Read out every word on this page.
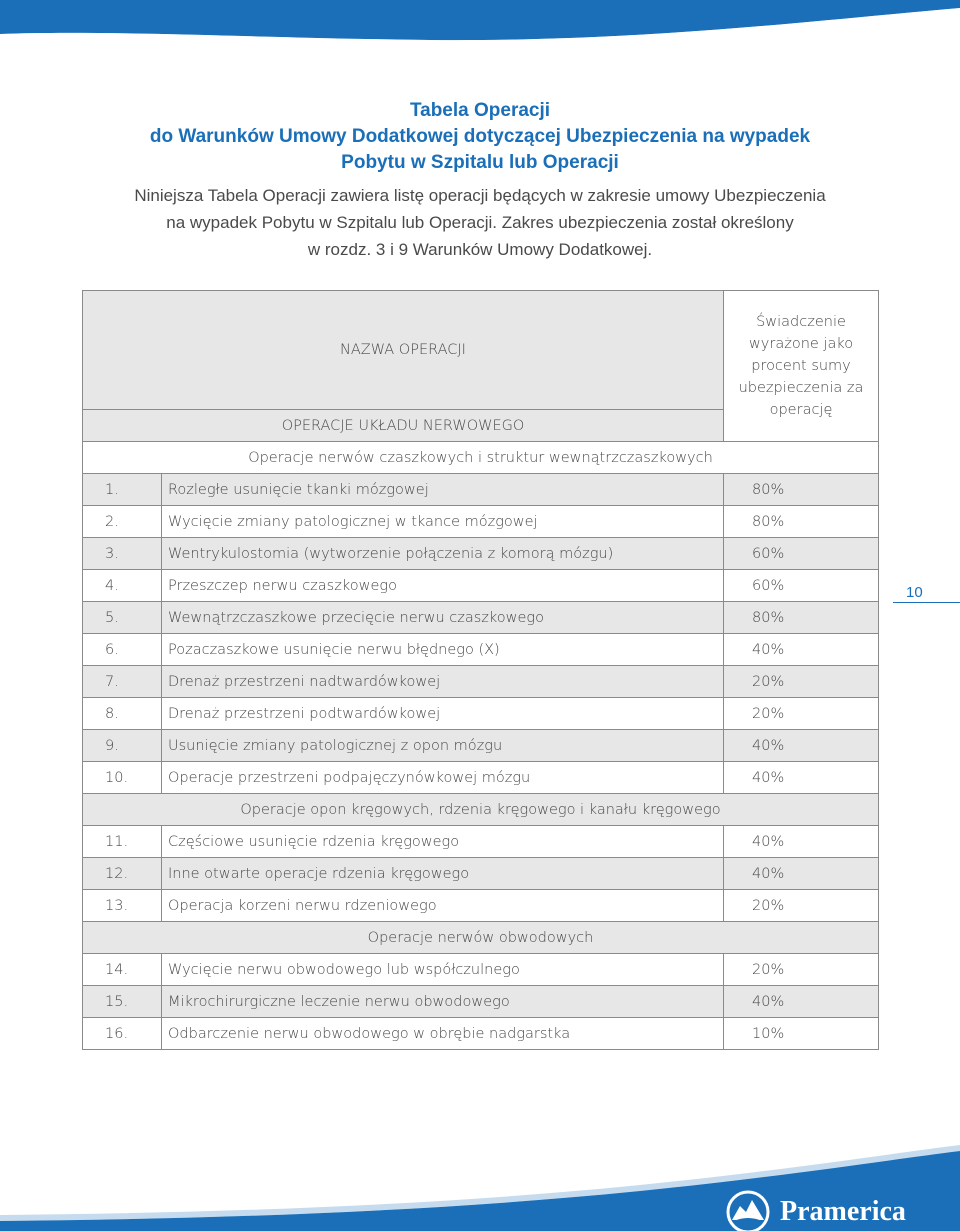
Tabela Operacji
do Warunków Umowy Dodatkowej dotyczącej Ubezpieczenia na wypadek
Pobytu w Szpitalu lub Operacji
Niniejsza Tabela Operacji zawiera listę operacji będących w zakresie umowy Ubezpieczenia
na wypadek Pobytu w Szpitalu lub Operacji. Zakres ubezpieczenia został określony
w rozdz. 3 i 9 Warunków Umowy Dodatkowej.
NAZWA OPERACJI		Świadczenie wyrażone jako procent sumy ubezpieczenia za operację
OPERACJE UKŁADU NERWOWEGO		
Operacje nerwów czaszkowych i struktur wewnątrzczaszkowych		
1.	Rozległe usunięcie tkanki mózgowej	80%
2.	Wycięcie zmiany patologicznej w tkance mózgowej	80%
3.	Wentrykulostomia (wytworzenie połączenia z komorą mózgu)	60%
4.	Przeszczep nerwu czaszkowego	60%
5.	Wewnątrzczaszkowe przecięcie nerwu czaszkowego	80%
6.	Pozaczaszkowe usunięcie nerwu błędnego (X)	40%
7.	Drenaż przestrzeni nadtwardówkowej	20%
8.	Drenaż przestrzeni podtwardówkowej	20%
9.	Usunięcie zmiany patologicznej z opon mózgu	40%
10.	Operacje przestrzeni podpajęczynówkowej mózgu	40%
Operacje opon kręgowych, rdzenia kręgowego i kanału kręgowego		
11.	Częściowe usunięcie rdzenia kręgowego	40%
12.	Inne otwarte operacje rdzenia kręgowego	40%
13.	Operacja korzeni nerwu rdzeniowego	20%
Operacje nerwów obwodowych		
14.	Wycięcie nerwu obwodowego lub współczulnego	20%
15.	Mikrochirurgiczne leczenie nerwu obwodowego	40%
16.	Odbarczenie nerwu obwodowego w obrębie nadgarstka	10%
10
Pramerica
